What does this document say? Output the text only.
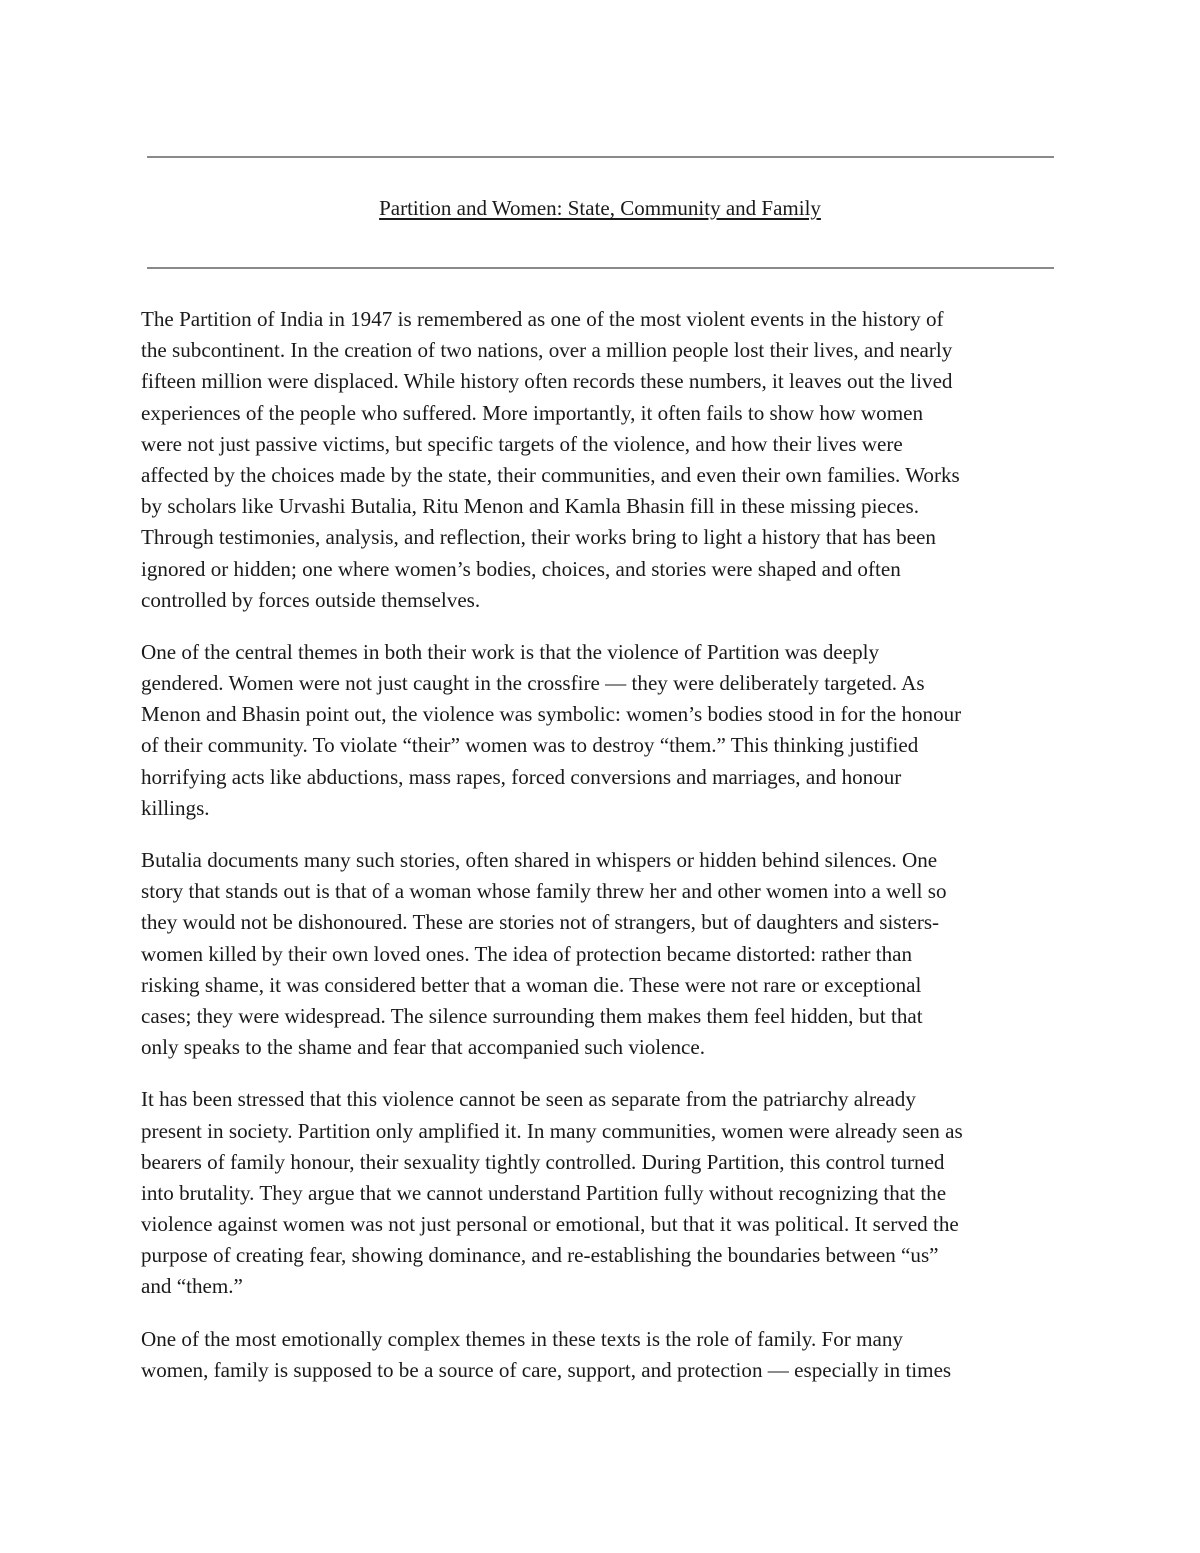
Partition and Women: State, Community and Family

The Partition of India in 1947 is remembered as one of the most violent events in the history of
the subcontinent. In the creation of two nations, over a million people lost their lives, and nearly
fifteen million were displaced. While history often records these numbers, it leaves out the lived
experiences of the people who suffered. More importantly, it often fails to show how women
were not just passive victims, but specific targets of the violence, and how their lives were
affected by the choices made by the state, their communities, and even their own families. Works
by scholars like Urvashi Butalia, Ritu Menon and Kamla Bhasin fill in these missing pieces.
Through testimonies, analysis, and reflection, their works bring to light a history that has been
ignored or hidden; one where women’s bodies, choices, and stories were shaped and often
controlled by forces outside themselves.

One of the central themes in both their work is that the violence of Partition was deeply
gendered. Women were not just caught in the crossfire — they were deliberately targeted. As
Menon and Bhasin point out, the violence was symbolic: women’s bodies stood in for the honour
of their community. To violate “their” women was to destroy “them.” This thinking justified
horrifying acts like abductions, mass rapes, forced conversions and marriages, and honour
killings.

Butalia documents many such stories, often shared in whispers or hidden behind silences. One
story that stands out is that of a woman whose family threw her and other women into a well so
they would not be dishonoured. These are stories not of strangers, but of daughters and sisters-
women killed by their own loved ones. The idea of protection became distorted: rather than
risking shame, it was considered better that a woman die. These were not rare or exceptional
cases; they were widespread. The silence surrounding them makes them feel hidden, but that
only speaks to the shame and fear that accompanied such violence.

It has been stressed that this violence cannot be seen as separate from the patriarchy already
present in society. Partition only amplified it. In many communities, women were already seen as
bearers of family honour, their sexuality tightly controlled. During Partition, this control turned
into brutality. They argue that we cannot understand Partition fully without recognizing that the
violence against women was not just personal or emotional, but that it was political. It served the
purpose of creating fear, showing dominance, and re-establishing the boundaries between “us”
and “them.”

One of the most emotionally complex themes in these texts is the role of family. For many
women, family is supposed to be a source of care, support, and protection — especially in times
